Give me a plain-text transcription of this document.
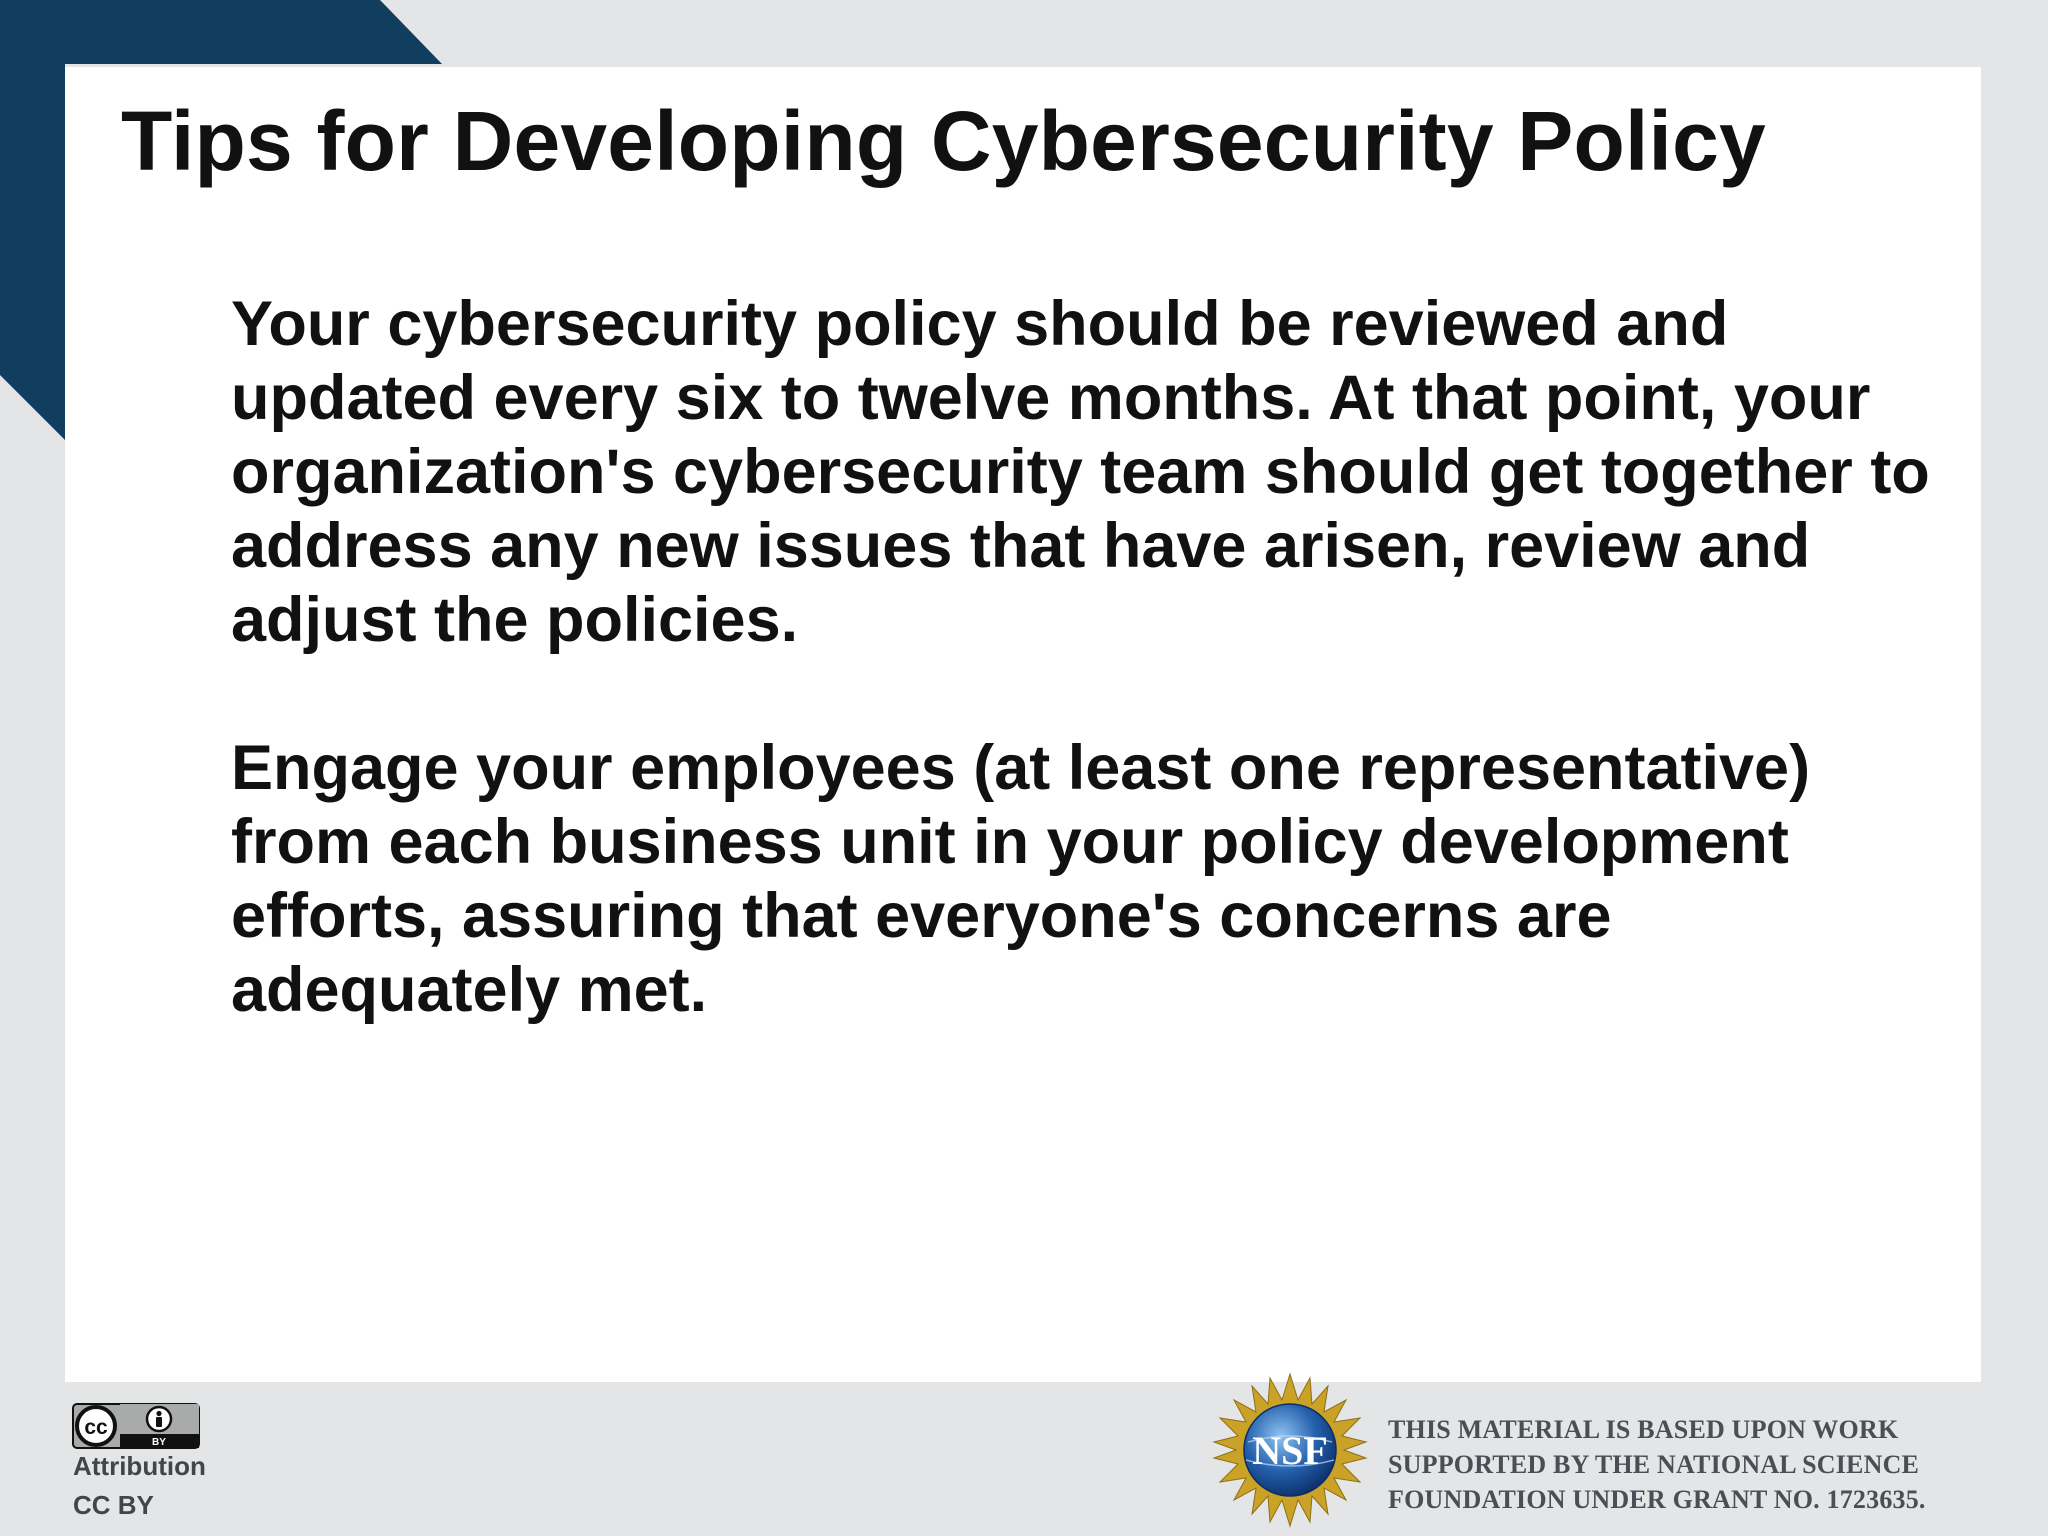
Tips for Developing Cybersecurity Policy

Your cybersecurity policy should be reviewed and updated every six to twelve months. At that point, your organization's cybersecurity team should get together to address any new issues that have arisen, review and adjust the policies.

Engage your employees (at least one representative) from each business unit in your policy development efforts, assuring that everyone's concerns are adequately met.

cc
BY
Attribution
CC BY
NSF THIS MATERIAL IS BASED UPON WORK
SUPPORTED BY THE NATIONAL SCIENCE
FOUNDATION UNDER GRANT NO. 1723635.
